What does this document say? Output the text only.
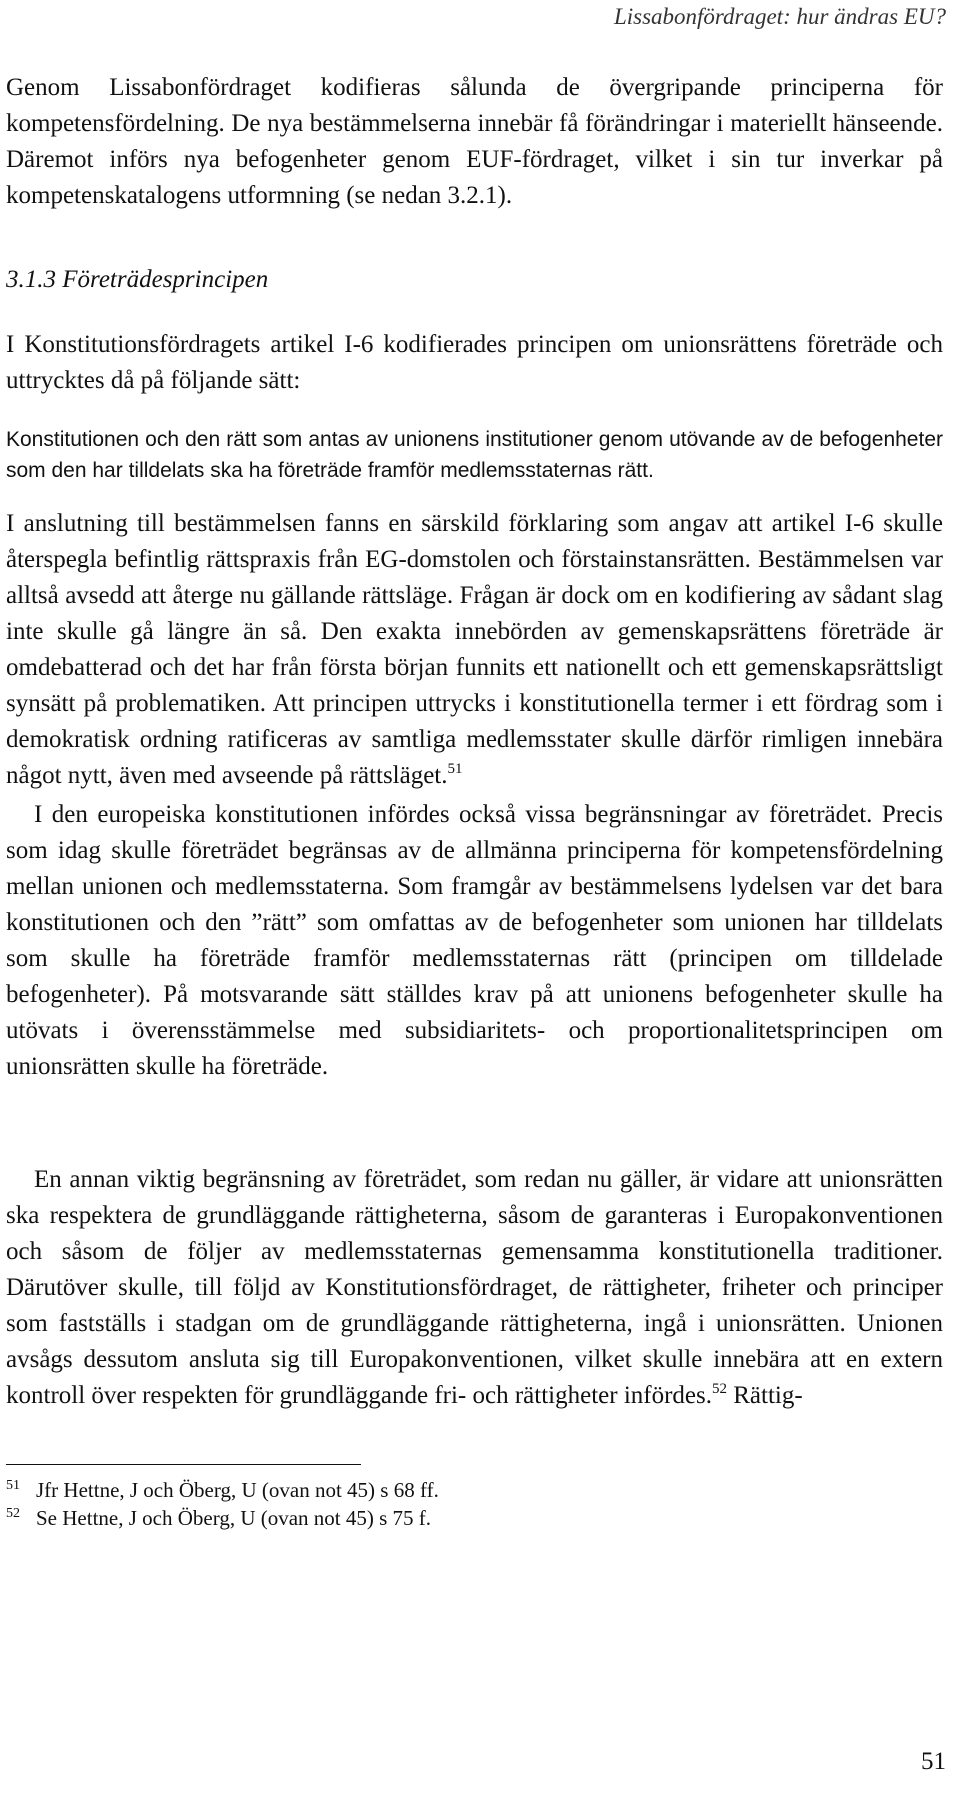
Lissabonfördraget: hur ändras EU?

Genom Lissabonfördraget kodifieras sålunda de övergripande principerna för kompetensfördelning. De nya bestämmelserna innebär få förändringar i materiellt hänseende. Däremot införs nya befogenheter genom EUF-fördraget, vilket i sin tur inverkar på kompetenskatalogens utformning (se nedan 3.2.1).

3.1.3 Företrädesprincipen

I Konstitutionsfördragets artikel I-6 kodifierades principen om unionsrättens företräde och uttrycktes då på följande sätt:

Konstitutionen och den rätt som antas av unionens institutioner genom utövande av de befogenheter som den har tilldelats ska ha företräde framför medlemsstaternas rätt.

I anslutning till bestämmelsen fanns en särskild förklaring som angav att artikel I-6 skulle återspegla befintlig rättspraxis från EG-domstolen och förstainstansrätten. Bestämmelsen var alltså avsedd att återge nu gällande rättsläge. Frågan är dock om en kodifiering av sådant slag inte skulle gå längre än så. Den exakta innebörden av gemenskapsrättens företräde är omdebatterad och det har från första början funnits ett nationellt och ett gemenskapsrättsligt synsätt på problematiken. Att principen uttrycks i konstitutionella termer i ett fördrag som i demokratisk ordning ratificeras av samtliga medlemsstater skulle därför rimligen innebära något nytt, även med avseende på rättsläget.$^{51}$

I den europeiska konstitutionen infördes också vissa begränsningar av företrädet. Precis som idag skulle företrädet begränsas av de allmänna principerna för kompetensfördelning mellan unionen och medlemsstaterna. Som framgår av bestämmelsens lydelsen var det bara konstitutionen och den ”rätt” som omfattas av de befogenheter som unionen har tilldelats som skulle ha företräde framför medlemsstaternas rätt (principen om tilldelade befogenheter). På motsvarande sätt ställdes krav på att unionens befogenheter skulle ha utövats i överensstämmelse med subsidiaritets- och proportionalitetsprincipen om unionsrätten skulle ha företräde.

En annan viktig begränsning av företrädet, som redan nu gäller, är vidare att unionsrätten ska respektera de grundläggande rättigheterna, såsom de garanteras i Europakonventionen och såsom de följer av medlemsstaternas gemensamma konstitutionella traditioner. Därutöver skulle, till följd av Konstitutionsfördraget, de rättigheter, friheter och principer som fastställs i stadgan om de grundläggande rättigheterna, ingå i unionsrätten. Unionen avsågs dessutom ansluta sig till Europakonventionen, vilket skulle innebära att en extern kontroll över respekten för grundläggande fri- och rättigheter infördes.$^{52}$ Rättig-

51 Jfr Hettne, J och Öberg, U (ovan not 45) s 68 ff.
52 Se Hettne, J och Öberg, U (ovan not 45) s 75 f.
51
